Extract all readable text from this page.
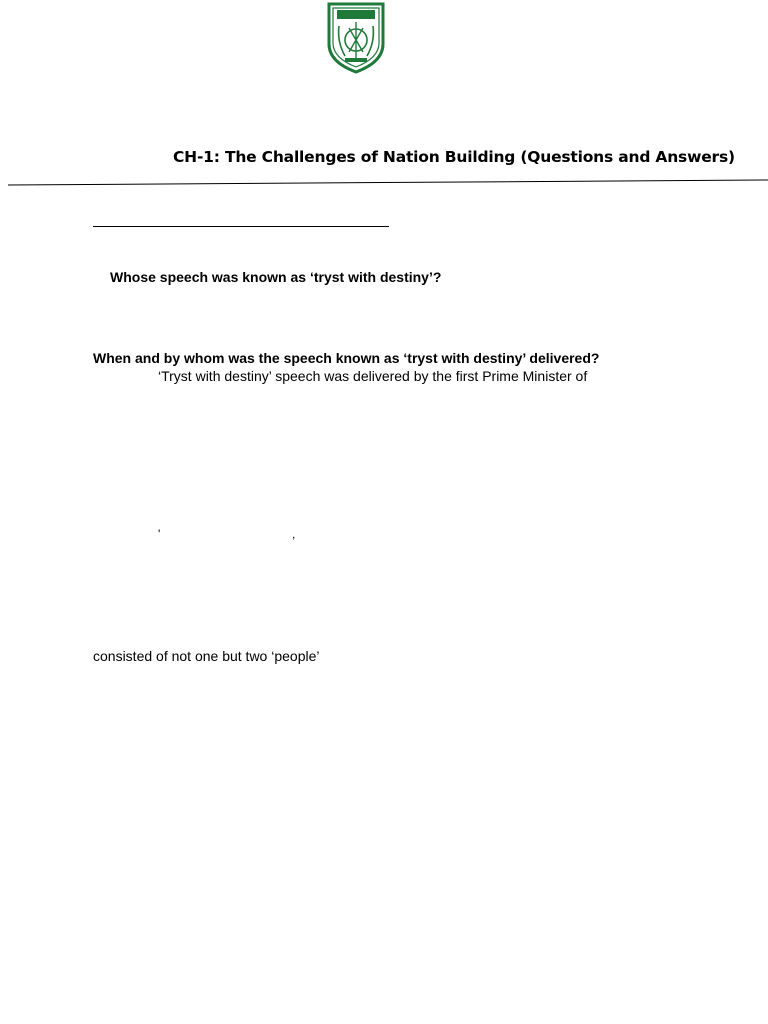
CH-1: The Challenges of Nation Building (Questions and Answers)
Whose speech was known as ‘tryst with destiny’?
When and by whom was the speech known as ‘tryst with destiny’ delivered?
‘Tryst with destiny’ speech was delivered by the first Prime Minister of
'	,
consisted of not one but two ‘people’
